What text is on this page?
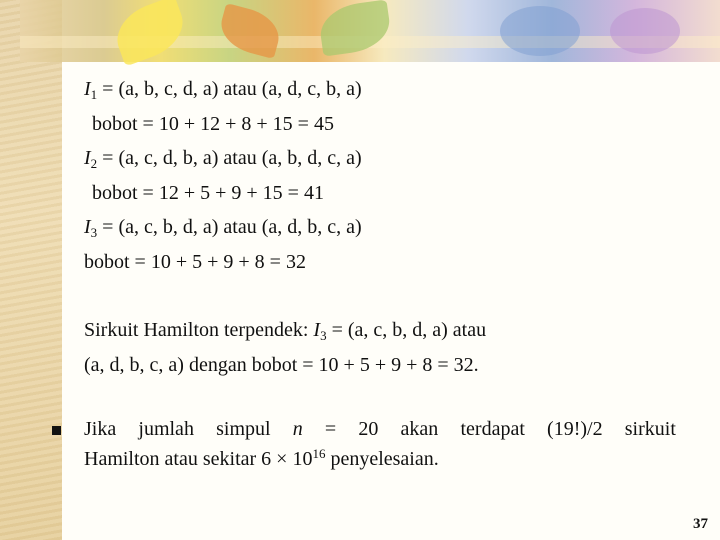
$I_1 = (a$, b, c, d, a) atau (a, d, c, b, a)
bobot = 10 + 12 + 8 + 15 = 45
$I_2 = (a$, c, d, b, a) atau (a, b, d, c, a)
bobot = 12 + 5 + 9 + 15 = 41
$I_3 = (a$, c, b, d, a) atau (a, d, b, c, a)
bobot = 10 + 5 + 9 + 8 = 32
Sirkuit Hamilton terpendek: $I_3 = (a$, c, b, d, a) atau
(a, d, b, c, a) dengan bobot = 10 + 5 + 9 + 8 = 32.
Jika jumlah simpul n = 20 akan terdapat (19!)/2 sirkuit
Hamilton atau sekitar $6 \times 10^{16}$ penyelesaian.
37
